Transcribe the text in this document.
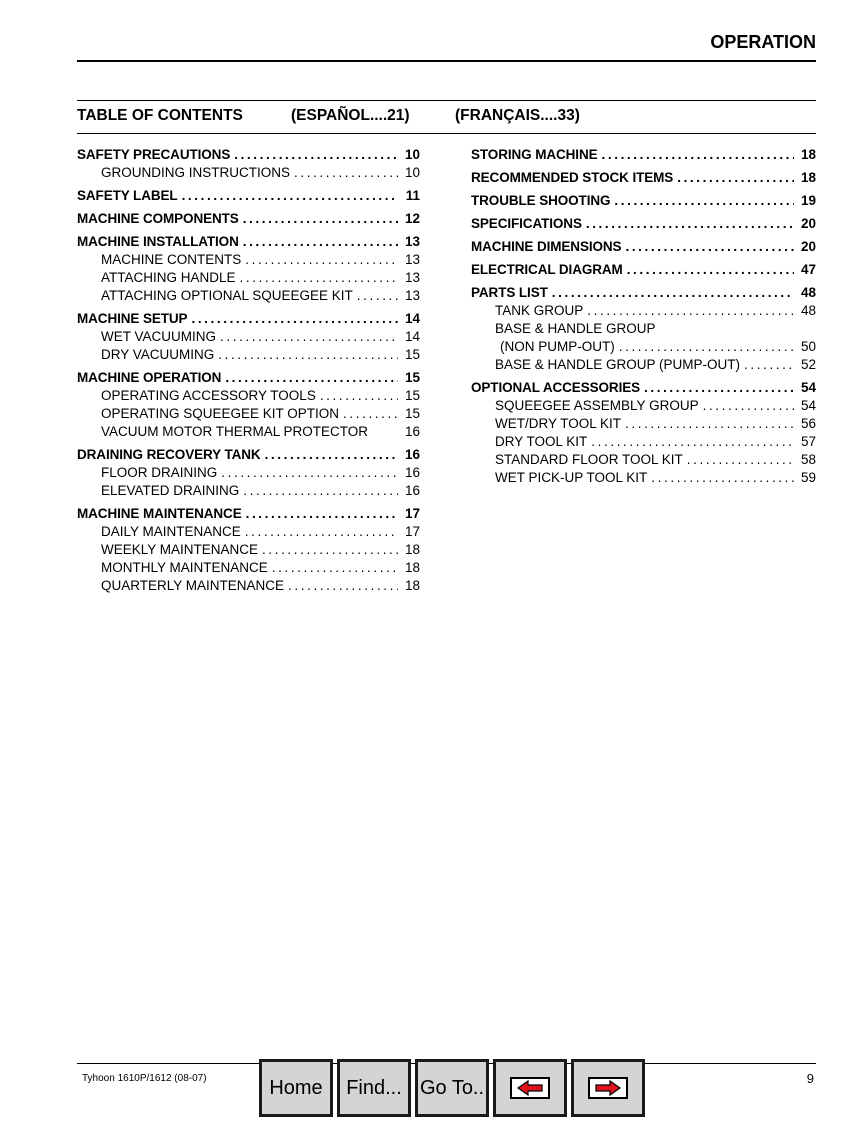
OPERATION
TABLE OF CONTENTS	(ESPAÑOL....21)	(FRANÇAIS....33)
SAFETY PRECAUTIONS .....	10
GROUNDING INSTRUCTIONS .....	10
SAFETY LABEL .....	11
MACHINE COMPONENTS .....	12
MACHINE INSTALLATION .....	13
MACHINE CONTENTS .....	13
ATTACHING HANDLE .....	13
ATTACHING OPTIONAL SQUEEGEE KIT .....	13
MACHINE SETUP .....	14
WET VACUUMING .....	14
DRY VACUUMING .....	15
MACHINE OPERATION .....	15
OPERATING ACCESSORY TOOLS .....	15
OPERATING SQUEEGEE KIT OPTION .....	15
VACUUM MOTOR THERMAL PROTECTOR	16
DRAINING RECOVERY TANK .....	16
FLOOR DRAINING .....	16
ELEVATED DRAINING .....	16
MACHINE MAINTENANCE .....	17
DAILY MAINTENANCE .....	17
WEEKLY MAINTENANCE .....	18
MONTHLY MAINTENANCE .....	18
QUARTERLY MAINTENANCE .....	18
STORING MACHINE .....	18
RECOMMENDED STOCK ITEMS .....	18
TROUBLE SHOOTING .....	19
SPECIFICATIONS .....	20
MACHINE DIMENSIONS .....	20
ELECTRICAL DIAGRAM .....	47
PARTS LIST .....	48
TANK GROUP .....	48
BASE & HANDLE GROUP
(NON PUMP-OUT) .....	50
BASE & HANDLE GROUP (PUMP-OUT) .....	52
OPTIONAL ACCESSORIES .....	54
SQUEEGEE ASSEMBLY GROUP .....	54
WET/DRY TOOL KIT .....	56
DRY TOOL KIT .....	57
STANDARD FLOOR TOOL KIT .....	58
WET PICK-UP TOOL KIT .....	59
Tyhoon 1610P/1612 (08-07)	9
Home	Find... Go To..
